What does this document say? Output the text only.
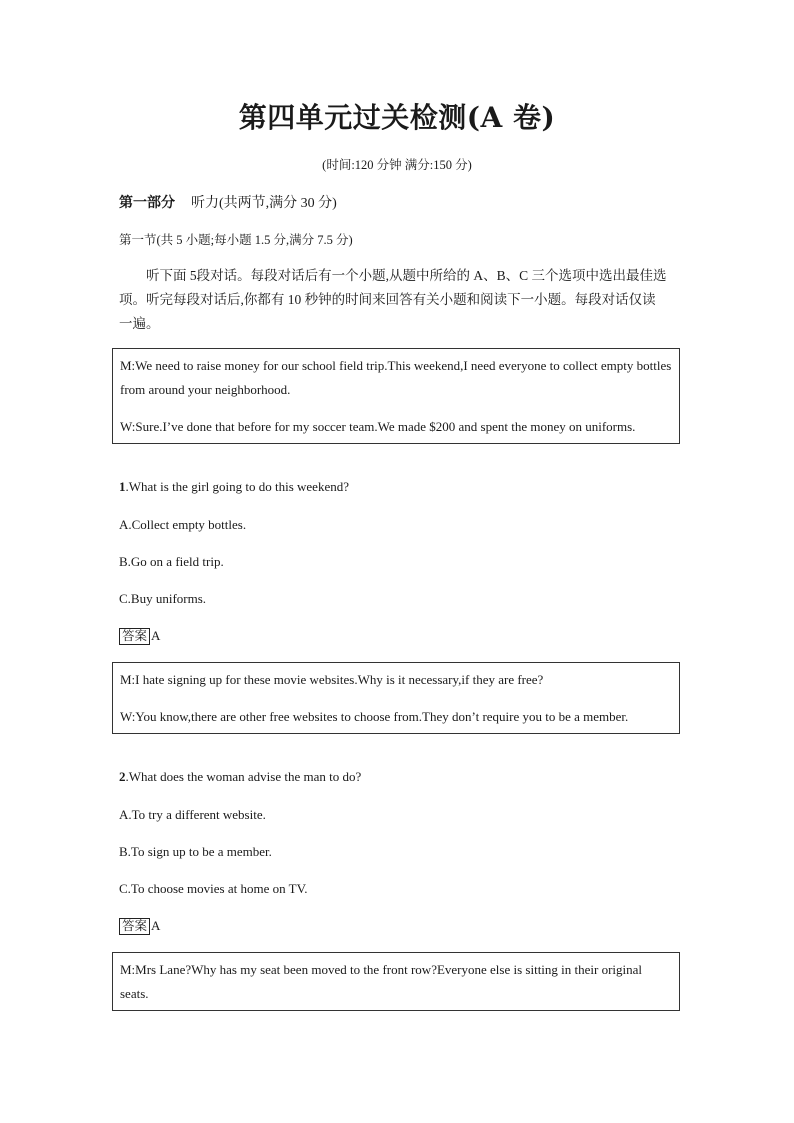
第四单元过关检测(A 卷)
(时间:120 分钟 满分:150 分)
第一部分 听力(共两节,满分 30 分)
第一节(共 5 小题;每小题 1.5 分,满分 7.5 分)
听下面 5段对话。每段对话后有一个小题,从题中所给的 A、B、C 三个选项中选出最佳选项。听完每段对话后,你都有 10 秒钟的时间来回答有关小题和阅读下一小题。每段对话仅读一遍。

M:We need to raise money for our school field trip.This weekend,I need everyone to collect empty bottles from around your neighborhood.

W:Sure.I’ve done that before for my soccer team.We made $200 and spent the money on uniforms.

1.What is the girl going to do this weekend?
A.Collect empty bottles.
B.Go on a field trip.
C.Buy uniforms.
答案 A

M:I hate signing up for these movie websites.Why is it necessary,if they are free?

W:You know,there are other free websites to choose from.They don’t require you to be a member.

2.What does the woman advise the man to do?
A.To try a different website.
B.To sign up to be a member.
C.To choose movies at home on TV.
答案 A

M:Mrs Lane?Why has my seat been moved to the front row?Everyone else is sitting in their original seats.
